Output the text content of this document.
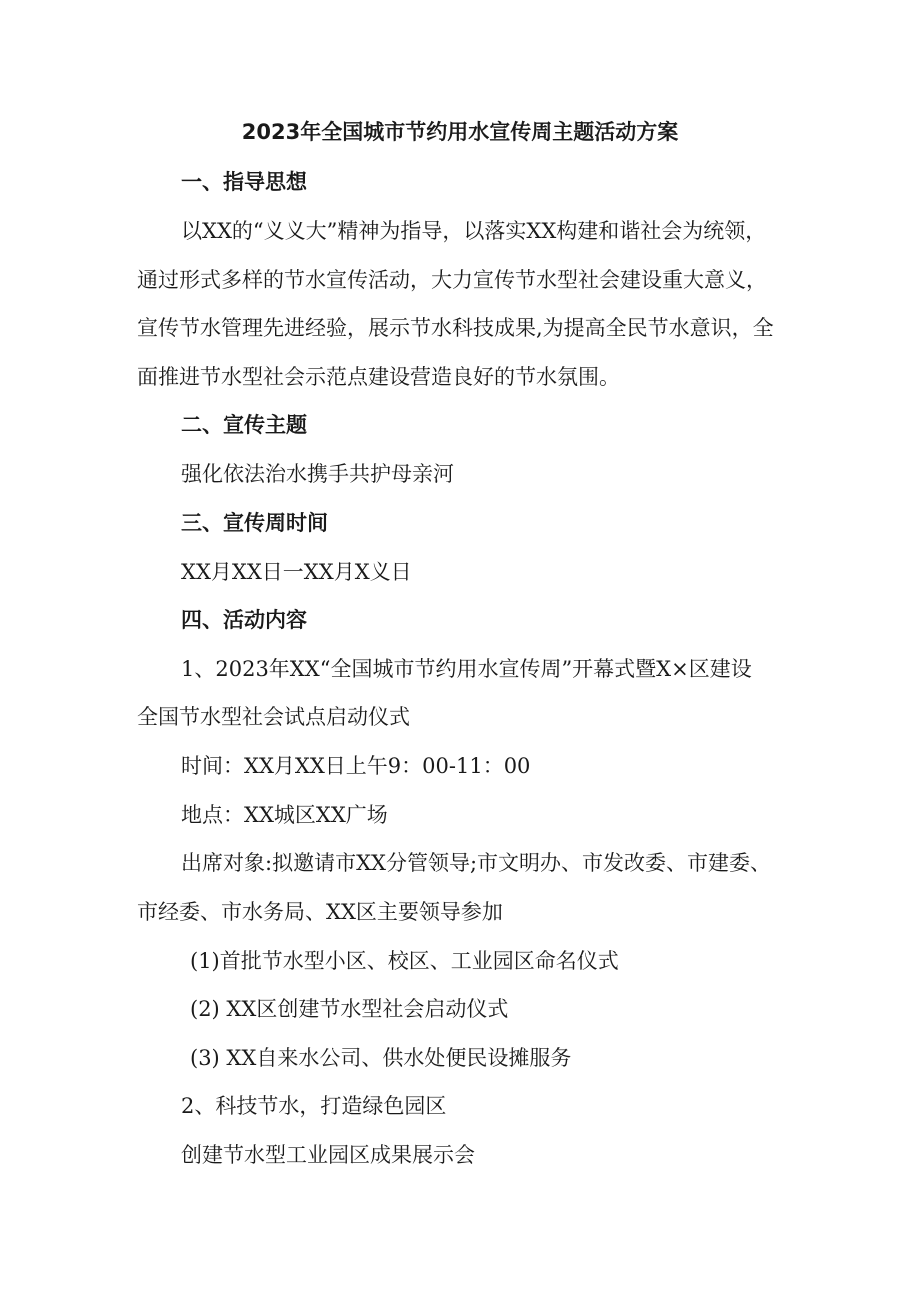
2023年全国城市节约用水宣传周主题活动方案
一、指导思想
以XX的“义义大”精神为指导，以落实XX构建和谐社会为统领，
通过形式多样的节水宣传活动，大力宣传节水型社会建设重大意义，
宣传节水管理先进经验，展示节水科技成果,为提高全民节水意识，全
面推进节水型社会示范点建设营造良好的节水氛围。
二、宣传主题
强化依法治水携手共护母亲河
三、宣传周时间
XX月XX日一XX月X义日
四、活动内容
1、2023年XX“全国城市节约用水宣传周”开幕式暨X×区建设
全国节水型社会试点启动仪式
时间：XX月XX日上午9：00-11：00
地点：XX城区XX广场
出席对象:拟邀请市XX分管领导;市文明办、市发改委、市建委、
市经委、市水务局、XX区主要领导参加
(1)首批节水型小区、校区、工业园区命名仪式
(2) XX区创建节水型社会启动仪式
(3) XX自来水公司、供水处便民设摊服务
2、科技节水，打造绿色园区
创建节水型工业园区成果展示会
